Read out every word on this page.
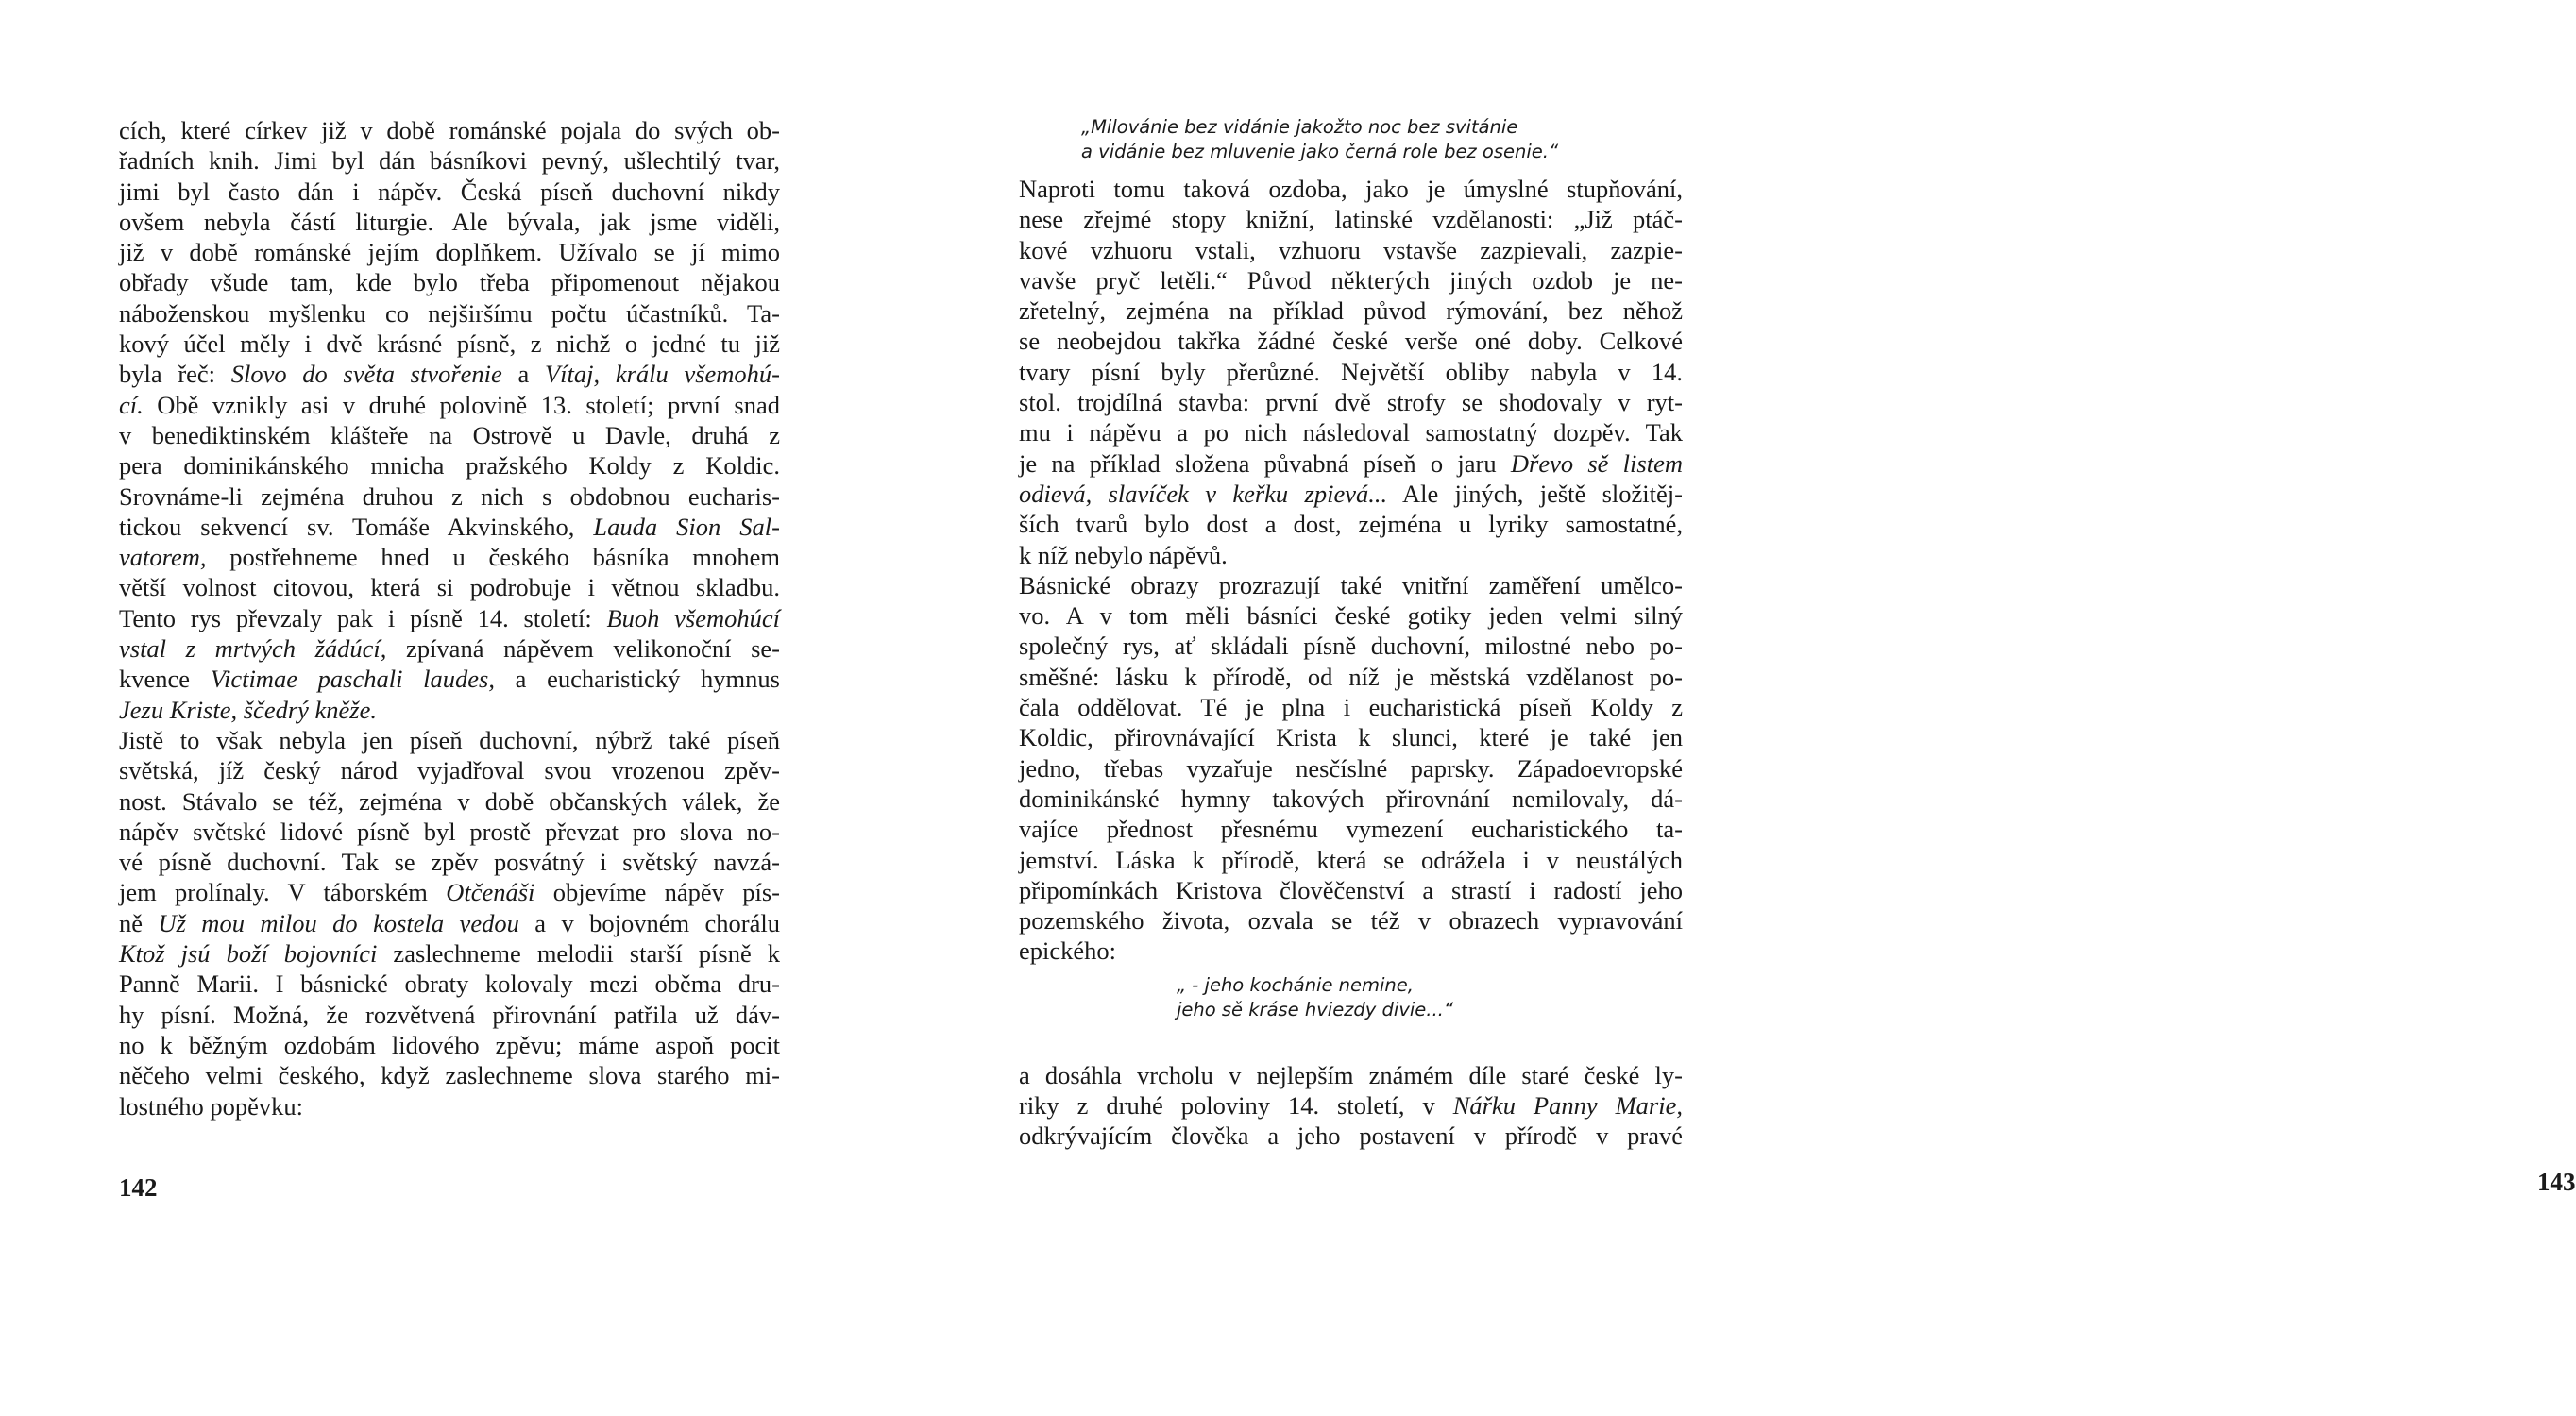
cích, které církev již v době románské pojala do svých ob-
řadních knih. Jimi byl dán básníkovi pevný, ušlechtilý tvar,
jimi byl často dán i nápěv. Česká píseň duchovní nikdy
ovšem nebyla částí liturgie. Ale bývala, jak jsme viděli,
již v době románské jejím doplňkem. Užívalo se jí mimo
obřady všude tam, kde bylo třeba připomenout nějakou
náboženskou myšlenku co nejširšímu počtu účastníků. Ta-
kový účel měly i dvě krásné písně, z nichž o jedné tu již
byla řeč: Slovo do světa stvořenie a Vítaj, králu všemohú-
cí. Obě vznikly asi v druhé polovině 13. století; první snad
v benediktinském klášteře na Ostrově u Davle, druhá z
pera dominikánského mnicha pražského Koldy z Koldic.
Srovnáme-li zejména druhou z nich s obdobnou eucharis-
tickou sekvencí sv. Tomáše Akvinského, Lauda Sion Sal-
vatorem, postřehneme hned u českého básníka mnohem
větší volnost citovou, která si podrobuje i větnou skladbu.
Tento rys převzaly pak i písně 14. století: Buoh všemohúcí
vstal z mrtvých žádúcí, zpívaná nápěvem velikonoční se-
kvence Victimae paschali laudes, a eucharistický hymnus
Jezu Kriste, ščedrý kněže.
Jistě to však nebyla jen píseň duchovní, nýbrž také píseň
světská, jíž český národ vyjadřoval svou vrozenou zpěv-
nost. Stávalo se též, zejména v době občanských válek, že
nápěv světské lidové písně byl prostě převzat pro slova no-
vé písně duchovní. Tak se zpěv posvátný i světský navzá-
jem prolínaly. V táborském Otčenáši objevíme nápěv pís-
ně Už mou milou do kostela vedou a v bojovném chorálu
Ktož jsú boží bojovníci zaslechneme melodii starší písně k
Panně Marii. I básnické obraty kolovaly mezi oběma dru-
hy písní. Možná, že rozvětvená přirovnání patřila už dáv-
no k běžným ozdobám lidového zpěvu; máme aspoň pocit
něčeho velmi českého, když zaslechneme slova starého mi-
lostného popěvku:
142
Naproti tomu taková ozdoba, jako je úmyslné stupňování,
nese zřejmé stopy knižní, latinské vzdělanosti: „Již ptáč-
kové vzhuoru vstali, vzhuoru vstavše zazpievali, zazpie-
vavše pryč letěli.“ Původ některých jiných ozdob je ne-
zřetelný, zejména na příklad původ rýmování, bez něhož
se neobejdou takřka žádné české verše oné doby. Celkové
tvary písní byly přerůzné. Největší obliby nabyla v 14.
stol. trojdílná stavba: první dvě strofy se shodovaly v ryt-
mu i nápěvu a po nich následoval samostatný dozpěv. Tak
je na příklad složena půvabná píseň o jaru Dřevo sě listem
odievá, slavíček v keřku zpievá... Ale jiných, ještě složitěj-
ších tvarů bylo dost a dost, zejména u lyriky samostatné,
k níž nebylo nápěvů.
Básnické obrazy prozrazují také vnitřní zaměření umělco-
vo. A v tom měli básníci české gotiky jeden velmi silný
společný rys, ať skládali písně duchovní, milostné nebo po-
směšné: lásku k přírodě, od níž je městská vzdělanost po-
čala oddělovat. Té je plna i eucharistická píseň Koldy z
Koldic, přirovnávající Krista k slunci, které je také jen
jedno, třebas vyzařuje nesčíslné paprsky. Západoevropské
dominikánské hymny takových přirovnání nemilovaly, dá-
vajíce přednost přesnému vymezení eucharistického ta-
jemství. Láska k přírodě, která se odrážela i v neustálých
připomínkách Kristova člověčenství a strastí i radostí jeho
pozemského života, ozvala se též v obrazech vypravování
epického:
a dosáhla vrcholu v nejlepším známém díle staré české ly-
riky z druhé poloviny 14. století, v Nářku Panny Marie,
odkrývajícím člověka a jeho postavení v přírodě v pravé
143
„Milovánie bez vidánie jakožto noc bez svitánie
a vidánie bez mluvenie jako černá role bez osenie.“
„ - jeho kochánie nemine,
jeho sě krásе hviezdy divie...“
